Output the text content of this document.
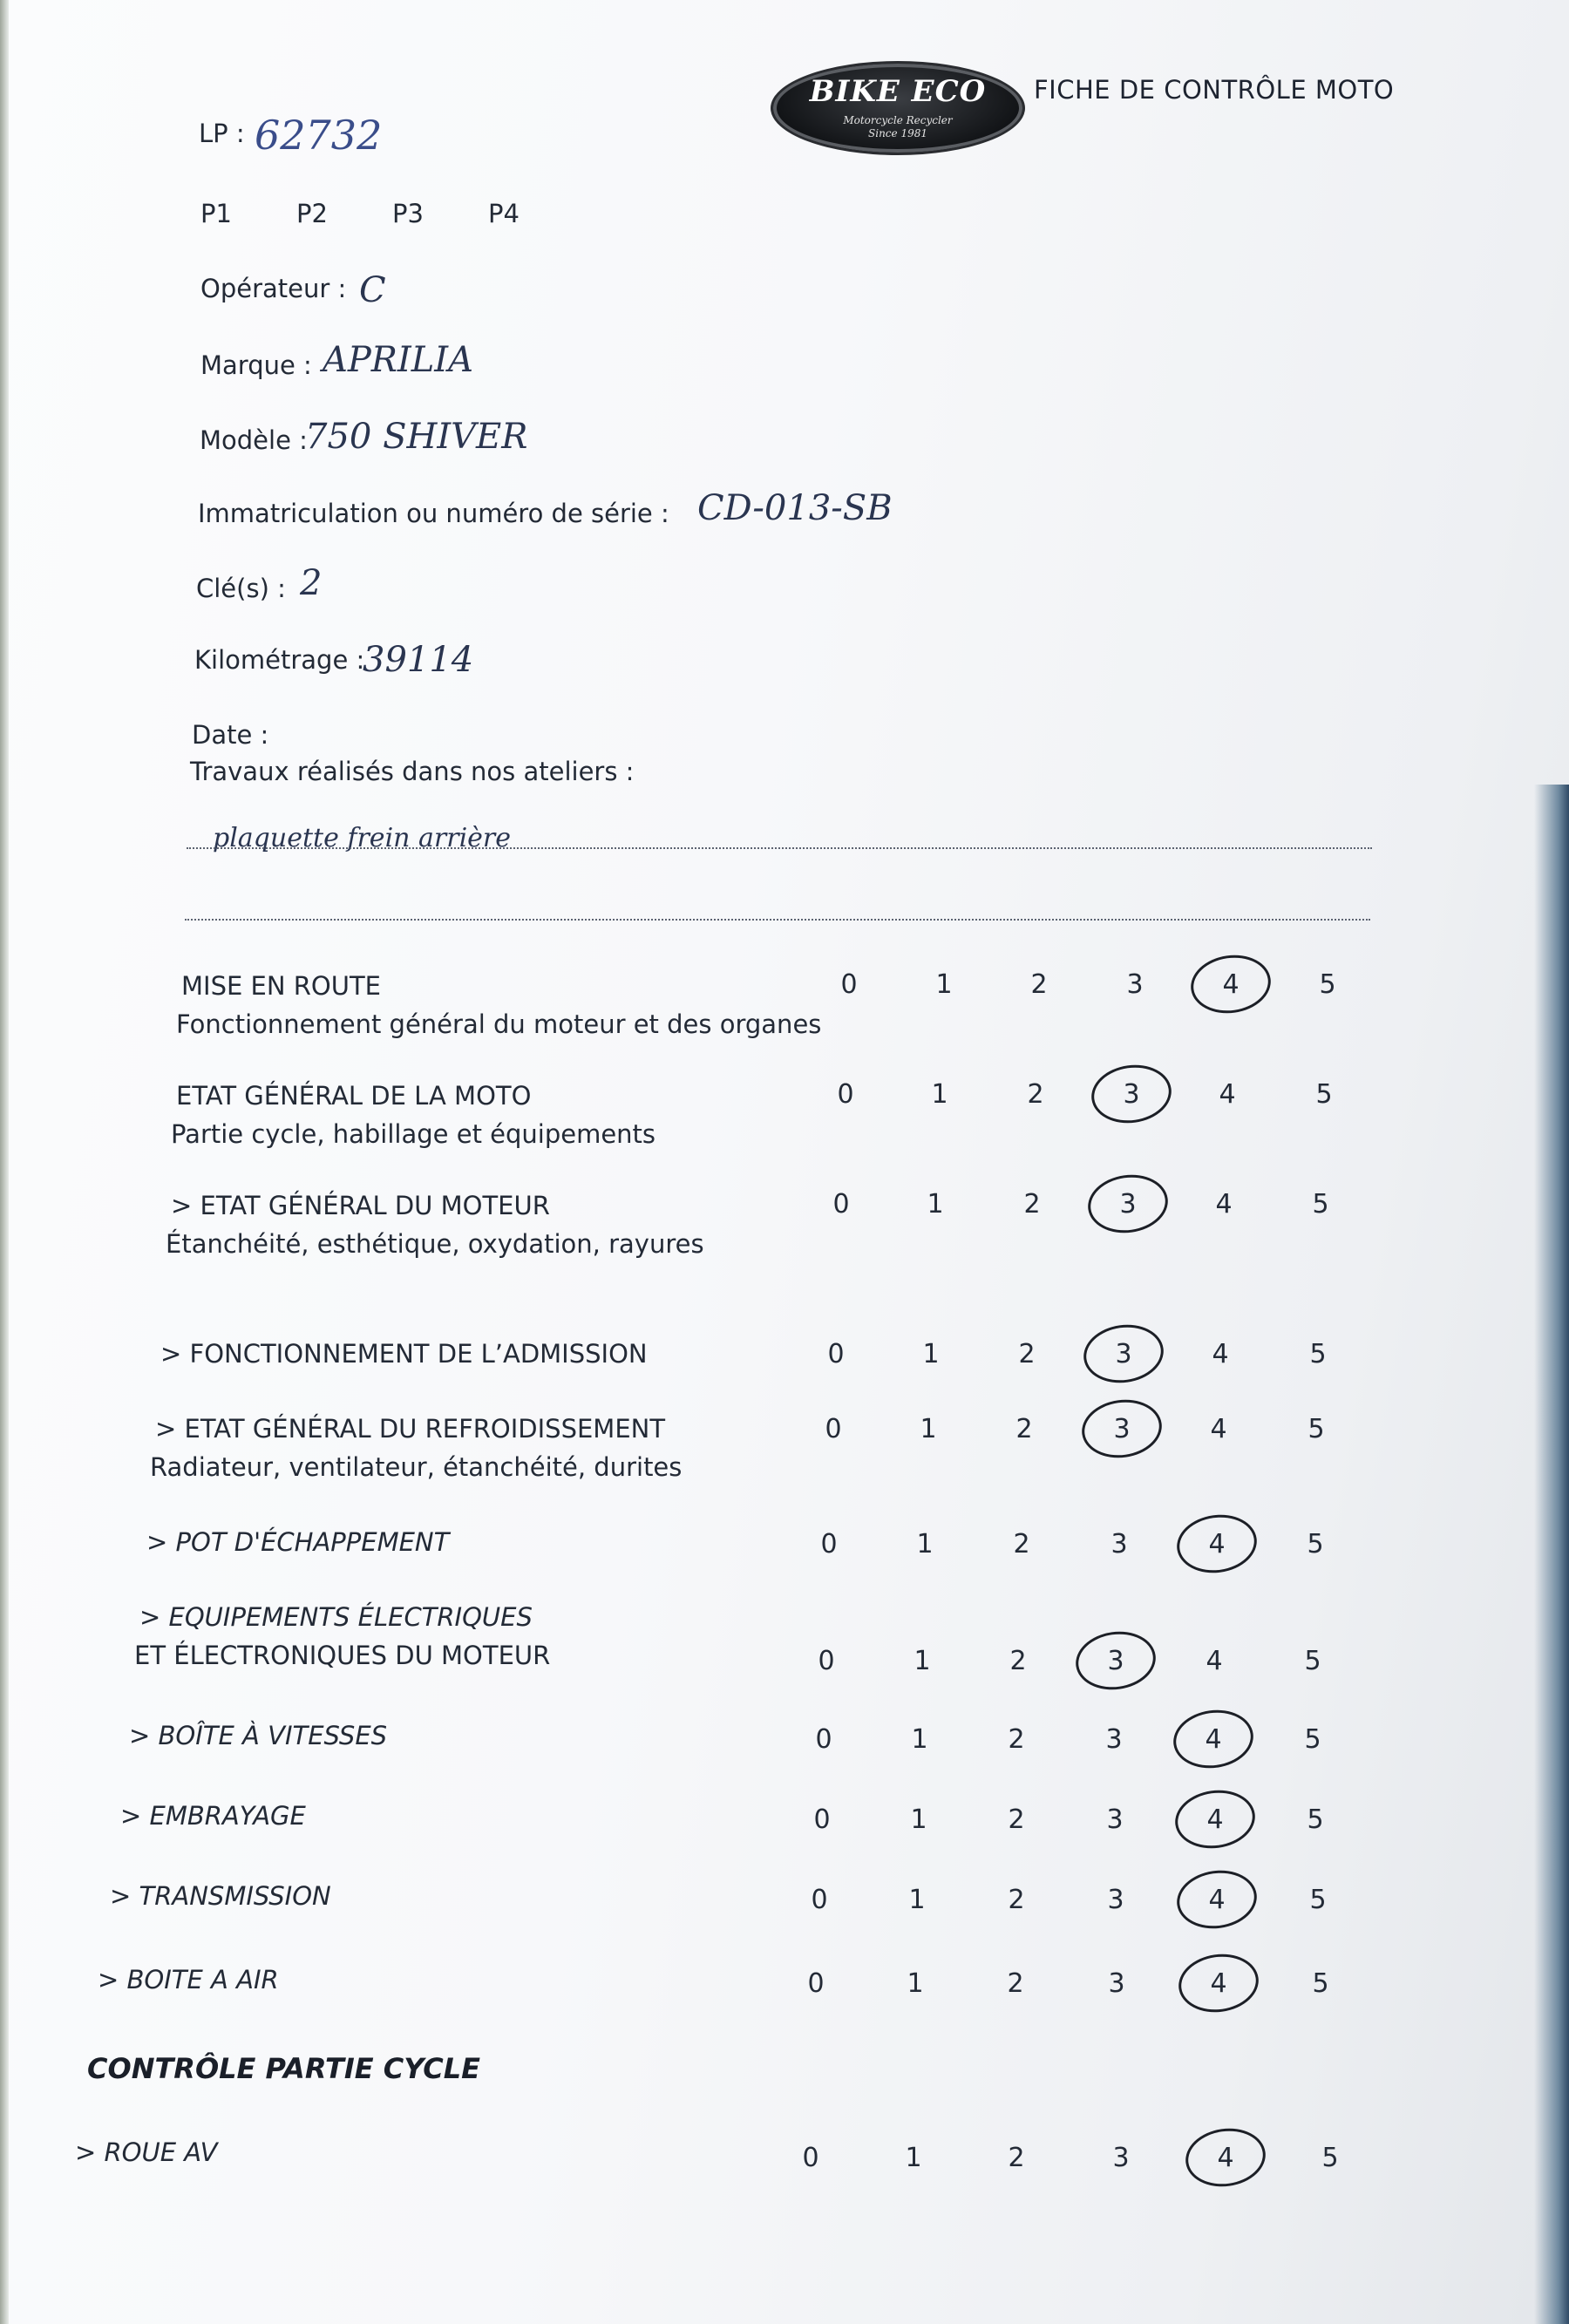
BIKE ECO
Motorcycle Recycler
Since 1981
FICHE DE CONTRÔLE MOTO
LP : 62732
P1	P2	P3	P4
Opérateur : C
Marque : APRILIA
Modèle :
750 SHIVER
Immatriculation ou numéro de série : CD-013-SB
Clé(s) : 2
Kilométrage :
39114
Date :
Travaux réalisés dans nos ateliers :
plaquette frein arrière
MISE EN ROUTE
Fonctionnement général du moteur et des organes
0	1	2	3	4	5
ETAT GÉNÉRAL DE LA MOTO
Partie cycle, habillage et équipements
0	1	2	3	4	5
> ETAT GÉNÉRAL DU MOTEUR
Étanchéité, esthétique, oxydation, rayures
0	1	2	3	4	5
> FONCTIONNEMENT DE L’ADMISSION	0	1	2	3	4	5
> ETAT GÉNÉRAL DU REFROIDISSEMENT
Radiateur, ventilateur, étanchéité, durites
0	1	2	3	4	5
> POT D'ÉCHAPPEMENT	0	1	2	3	4	5
> EQUIPEMENTS ÉLECTRIQUES
ET ÉLECTRONIQUES DU MOTEUR	0	1	2	3	4	5
> BOÎTE À VITESSES	0	1	2	3	4	5
> EMBRAYAGE	0	1	2	3	4	5
> TRANSMISSION	0	1	2	3	4	5
> BOITE A AIR	0	1	2	3	4	5
> ROUE AV	0	1	2	3	4	5
CONTRÔLE PARTIE CYCLE
